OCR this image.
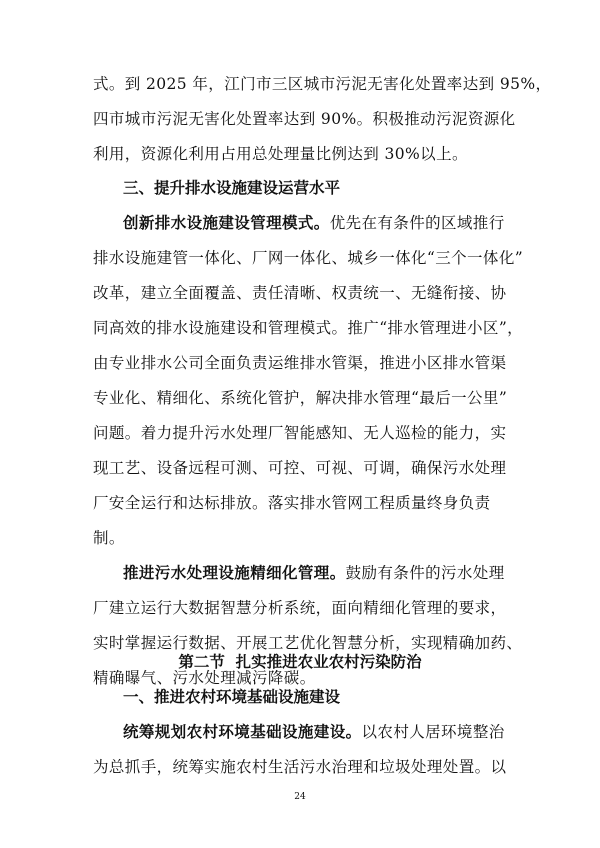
式。到 2025 年，江门市三区城市污泥无害化处置率达到 95%，
四市城市污泥无害化处置率达到 90%。积极推动污泥资源化
利用，资源化利用占用总处理量比例达到 30%以上。
三、提升排水设施建设运营水平
创新排水设施建设管理模式。优先在有条件的区域推行
排水设施建管一体化、厂网一体化、城乡一体化“三个一体化”
改革，建立全面覆盖、责任清晰、权责统一、无缝衔接、协
同高效的排水设施建设和管理模式。推广“排水管理进小区”，
由专业排水公司全面负责运维排水管渠，推进小区排水管渠
专业化、精细化、系统化管护，解决排水管理“最后一公里”
问题。着力提升污水处理厂智能感知、无人巡检的能力，实
现工艺、设备远程可测、可控、可视、可调，确保污水处理
厂安全运行和达标排放。落实排水管网工程质量终身负责
制。
推进污水处理设施精细化管理。鼓励有条件的污水处理
厂建立运行大数据智慧分析系统，面向精细化管理的要求，
实时掌握运行数据、开展工艺优化智慧分析，实现精确加药、
精确曝气、污水处理减污降碳。
第二节  扎实推进农业农村污染防治
一、推进农村环境基础设施建设
24
统筹规划农村环境基础设施建设。以农村人居环境整治
为总抓手，统筹实施农村生活污水治理和垃圾处理处置。以
